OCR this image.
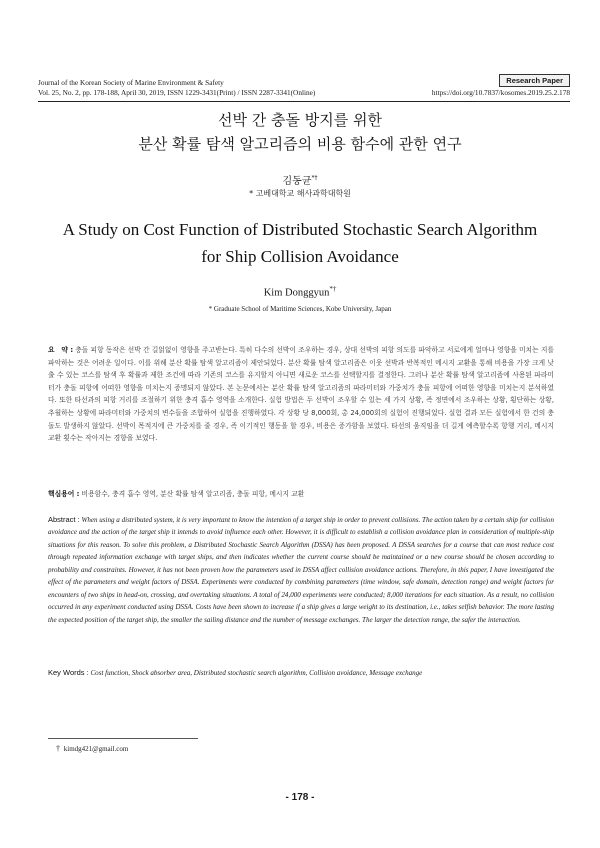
Journal of the Korean Society of Marine Environment & Safety
Vol. 25, No. 2, pp. 178-188, April 30, 2019, ISSN 1229-3431(Print) / ISSN 2287-3341(Online)
Research Paper
https://doi.org/10.7837/kosomes.2019.25.2.178
선박 간 충돌 방지를 위한
분산 확률 탐색 알고리즘의 비용 함수에 관한 연구
김동균*†
* 고베대학교 해사과학대학원
A Study on Cost Function of Distributed Stochastic Search Algorithm
for Ship Collision Avoidance
Kim Donggyun*†
* Graduate School of Maritime Sciences, Kobe University, Japan
요　약 : 충돌 피항 동작은 선박 간 길얽없이 영향을 주고받는다. 특히 다수의 선박이 조우하는 경우, 상대 선박의 피항 의도를 파악하고 서로에게 얼마나 영향을 미치는 지를 파악하는 것은 어려운 일이다. 이를 위해 분산 확률 탐색 알고리즘이 제안되었다. 분산 확률 탐색 알고리즘은 이웃 선박과 반복적인 메시지 교환을 통해 비용을 가장 크게 낮출 수 있는 코스를 탐색 후 확률과 제한 조건에 따라 기존의 코스를 유지할지 아니면 새로운 코스를 선택할지를 결정한다. 그러나 분산 확률 탐색 알고리즘에 사용된 파라미터가 충돌 피항에 어떠한 영향을 미치는지 증명되지 않았다. 본 논문에서는 분산 확률 탐색 알고리즘의 파라미터와 가중치가 충돌 피항에 어떠한 영향을 미치는지 분석하였다. 또한 타선과의 피항 거리를 조절하기 위한 충격 흡수 영역을 소개한다. 실험 방법은 두 선박이 조우할 수 있는 세 가지 상황, 즉 정면에서 조우하는 상황, 횡단하는 상황, 추월하는 상황에 파라미터와 가중치의 변수들을 조합하여 실험을 진행하였다. 각 상황 당 8,000회, 총 24,000회의 실험이 진행되었다. 실험 결과 모든 실험에서 한 건의 충돌도 발생하지 않았다. 선박이 목적지에 큰 가중치를 줄 경우, 즉 이기적인 행동을 할 경우, 비용은 증가함을 보였다. 타선의 움직임을 더 길게 예측할수록 항행 거리, 메시지 교환 횟수는 작아지는 경향을 보였다.
핵심용어 : 비용함수, 충격 흡수 영역, 분산 확률 탐색 알고리즘, 충돌 피항, 메시지 교환
Abstract : When using a distributed system, it is very important to know the intention of a target ship in order to prevent collisions. The action taken by a certain ship for collision avoidance and the action of the target ship it intends to avoid influence each other. However, it is difficult to establish a collision avoidance plan in consideration of multiple-ship situations for this reason. To solve this problem, a Distributed Stochastic Search Algorithm (DSSA) has been proposed. A DSSA searches for a course that can most reduce cost through repeated information exchange with target ships, and then indicates whether the current course should be maintained or a new course should be chosen according to probability and constraints. However, it has not been proven how the parameters used in DSSA affect collision avoidance actions. Therefore, in this paper, I have investigated the effect of the parameters and weight factors of DSSA. Experiments were conducted by combining parameters (time window, safe domain, detection range) and weight factors for encounters of two ships in head-on, crossing, and overtaking situations. A total of 24,000 experiments were conducted; 8,000 iterations for each situation. As a result, no collision occurred in any experiment conducted using DSSA. Costs have been shown to increase if a ship gives a large weight to its destination, i.e., takes selfish behavior. The more lasting the expected position of the target ship, the smaller the sailing distance and the number of message exchanges. The larger the detection range, the safer the interaction.
Key Words : Cost function, Shock absorber area, Distributed stochastic search algorithm, Collision avoidance, Message exchange
† kimdg421@gmail.com
- 178 -
